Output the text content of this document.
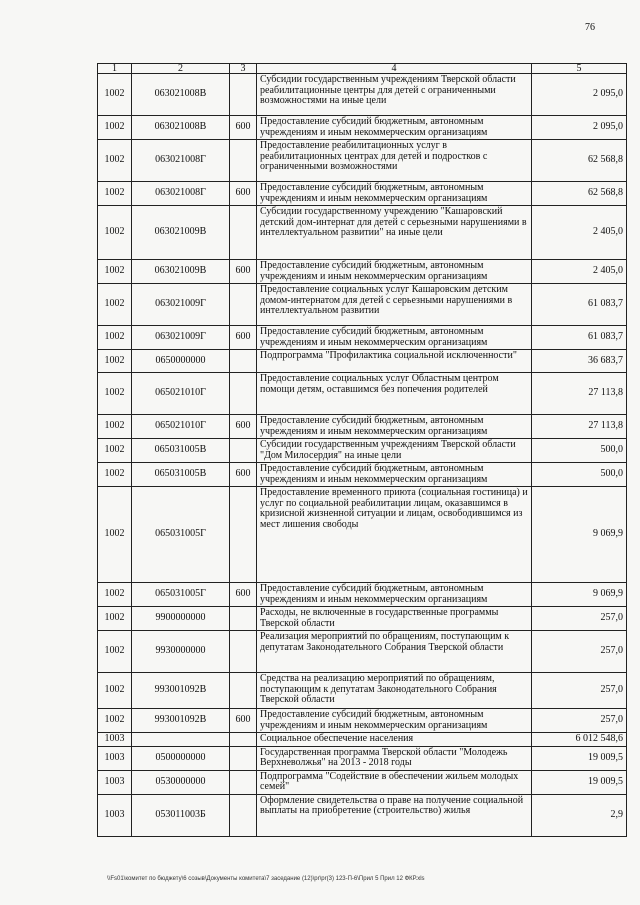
76
1	2	3	4	5
1002	063021008В		Субсидии государственным учреждениям Тверской области реабилитационные центры для детей с ограниченными возможностями на иные цели	2 095,0
1002	063021008В	600	Предоставление субсидий бюджетным, автономным учреждениям и иным некоммерческим организациям	2 095,0
1002	063021008Г		Предоставление реабилитационных услуг в реабилитационных центрах для детей и подростков с ограниченными возможностями	62 568,8
1002	063021008Г	600	Предоставление субсидий бюджетным, автономным учреждениям и иным некоммерческим организациям	62 568,8
1002	063021009В		Субсидии государственному учреждению "Кашаровский детский дом-интернат для детей с серьезными нарушениями в интеллектуальном развитии" на иные цели	2 405,0
1002	063021009В	600	Предоставление субсидий бюджетным, автономным учреждениям и иным некоммерческим организациям	2 405,0
1002	063021009Г		Предоставление социальных услуг Кашаровским детским домом-интернатом для детей с серьезными нарушениями в интеллектуальном развитии	61 083,7
1002	063021009Г	600	Предоставление субсидий бюджетным, автономным учреждениям и иным некоммерческим организациям	61 083,7
1002	0650000000		Подпрограмма "Профилактика социальной исключенности"	36 683,7
1002	065021010Г		Предоставление социальных услуг Областным центром помощи детям, оставшимся без попечения родителей	27 113,8
1002	065021010Г	600	Предоставление субсидий бюджетным, автономным учреждениям и иным некоммерческим организациям	27 113,8
1002	065031005В		Субсидии государственным учреждениям Тверской области "Дом Милосердия" на иные цели	500,0
1002	065031005В	600	Предоставление субсидий бюджетным, автономным учреждениям и иным некоммерческим организациям	500,0
1002	065031005Г		Предоставление временного приюта (социальная гостиница) и услуг по социальной реабилитации лицам, оказавшимся в кризисной жизненной ситуации и лицам, освободившимся из мест лишения свободы	9 069,9
1002	065031005Г	600	Предоставление субсидий бюджетным, автономным учреждениям и иным некоммерческим организациям	9 069,9
1002	9900000000		Расходы, не включенные в государственные программы Тверской области	257,0
1002	9930000000		Реализация мероприятий по обращениям, поступающим к депутатам Законодательного Собрания Тверской области	257,0
1002	993001092В		Средства на реализацию мероприятий по обращениям, поступающим к депутатам Законодательного Собрания Тверской области	257,0
1002	993001092В	600	Предоставление субсидий бюджетным, автономным учреждениям и иным некоммерческим организациям	257,0
1003			Социальное обеспечение населения	6 012 548,6
1003	0500000000		Государственная программа Тверской области "Молодежь Верхневолжья" на 2013 - 2018 годы	19 009,5
1003	0530000000		Подпрограмма "Содействие в обеспечении жильем молодых семей"	19 009,5
1003	053011003Б		Оформление свидетельства о праве на получение социальной выплаты на приобретение (строительство) жилья	2,9
\\Fs01\комитет по бюджету\6 созыв\Документы комитета\7 заседание (12)\pr\pr(3) 123-П-6\Прил 5 Прил 12 ФКР.xls
